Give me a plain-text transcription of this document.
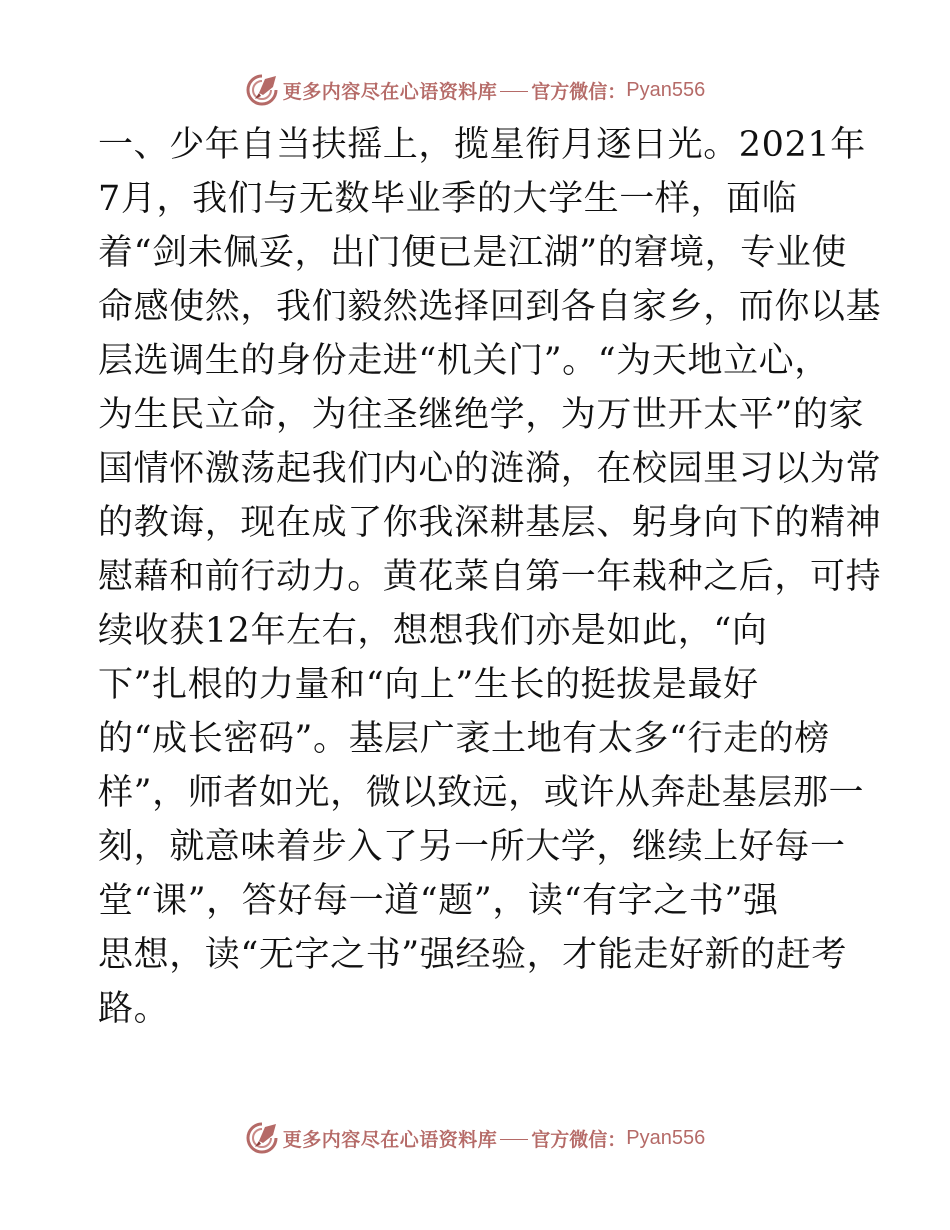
更多内容尽在心语资料库 官方微信： Pyan556
一、少年自当扶摇上，揽星衔月逐日光。2021年
7月，我们与无数毕业季的大学生一样，面临
着“剑未佩妥，出门便已是江湖”的窘境，专业使
命感使然，我们毅然选择回到各自家乡，而你以基
层选调生的身份走进“机关门”。“为天地立心，
为生民立命，为往圣继绝学，为万世开太平”的家
国情怀激荡起我们内心的涟漪，在校园里习以为常
的教诲，现在成了你我深耕基层、躬身向下的精神
慰藉和前行动力。黄花菜自第一年栽种之后，可持
续收获12年左右，想想我们亦是如此，“向
下”扎根的力量和“向上”生长的挺拔是最好
的“成长密码”。基层广袤土地有太多“行走的榜
样”，师者如光，微以致远，或许从奔赴基层那一
刻，就意味着步入了另一所大学，继续上好每一
堂“课”，答好每一道“题”，读“有字之书”强
思想，读“无字之书”强经验，才能走好新的赶考
路。
更多内容尽在心语资料库 官方微信： Pyan556
